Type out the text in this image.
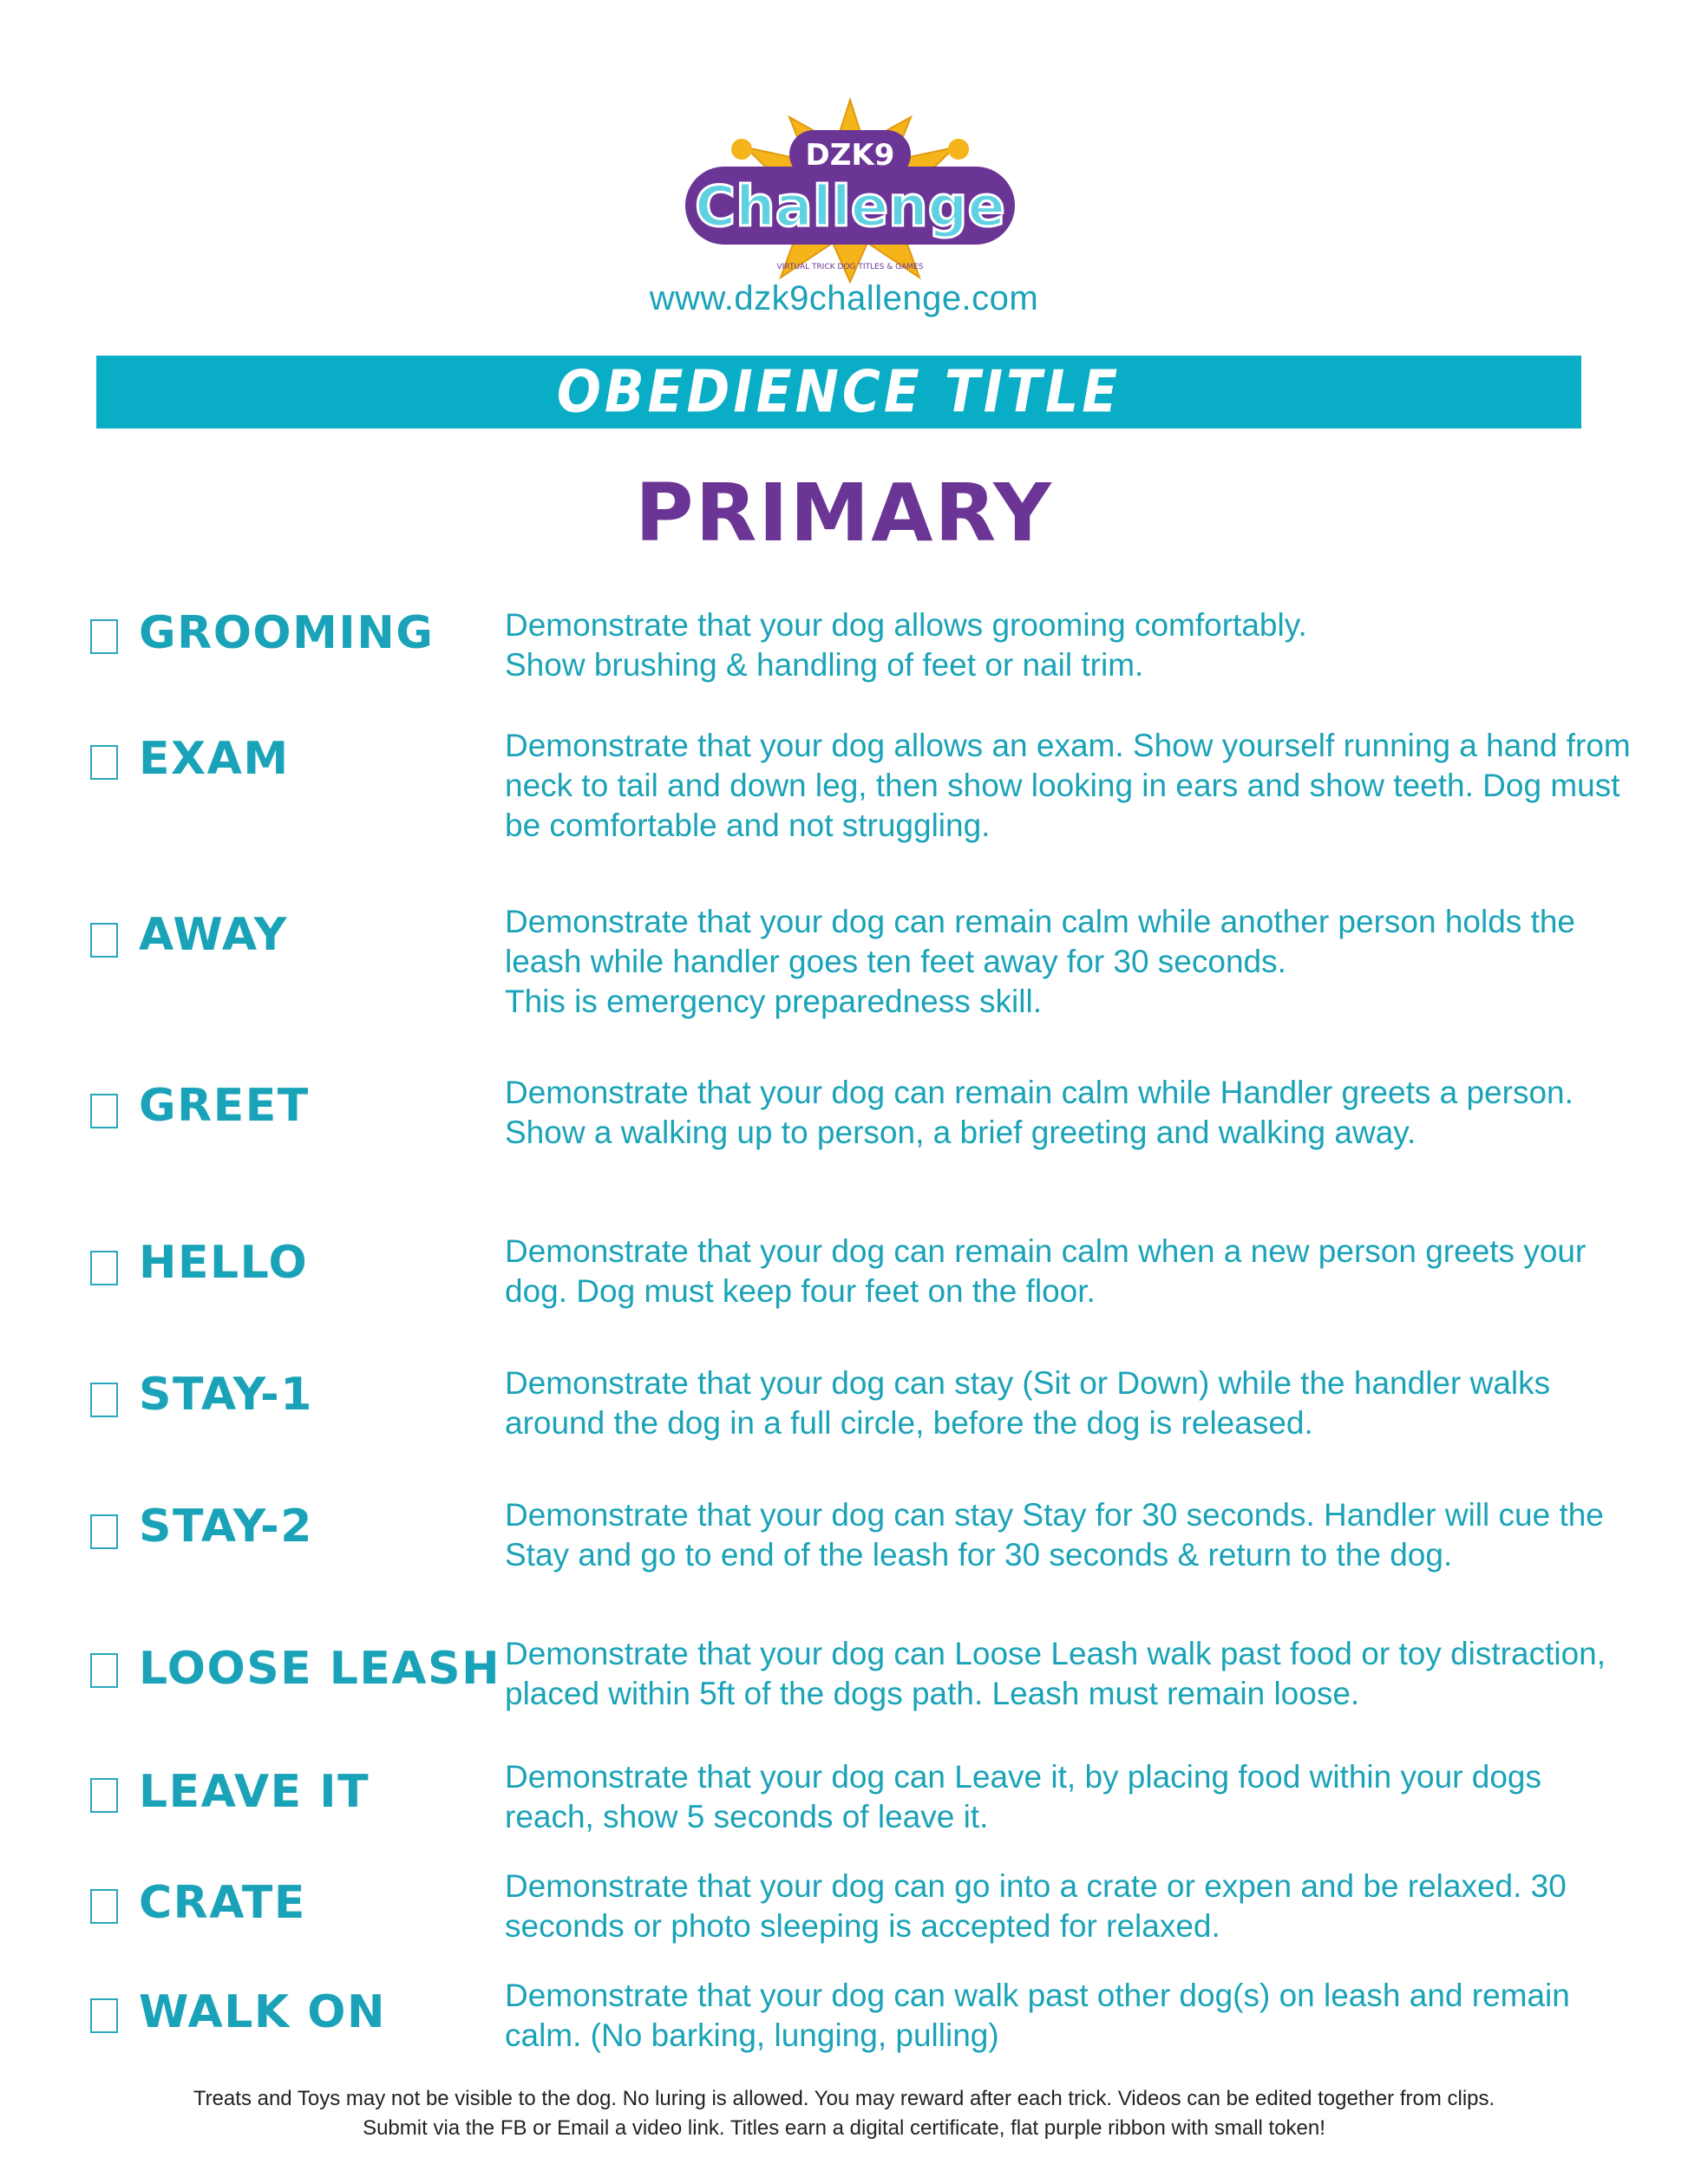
DZK9
Challenge
VIRTUAL TRICK DOG TITLES & GAMES
www.dzk9challenge.com
OBEDIENCE TITLE
PRIMARY
GROOMING Demonstrate that your dog allows grooming comfortably.
Show brushing & handling of feet or nail trim.
EXAM	Demonstrate that your dog allows an exam. Show yourself running a hand from neck to tail and down leg, then show looking in ears and show teeth. Dog must be comfortable and not struggling.
AWAY	Demonstrate that your dog can remain calm while another person holds the leash while handler goes ten feet away for 30 seconds.
This is emergency preparedness skill.
GREET	Demonstrate that your dog can remain calm while Handler greets a person. Show a walking up to person, a brief greeting and walking away.
HELLO	Demonstrate that your dog can remain calm when a new person greets your dog. Dog must keep four feet on the floor.
STAY-1	Demonstrate that your dog can stay (Sit or Down) while the handler walks around the dog in a full circle, before the dog is released.
STAY-2	Demonstrate that your dog can stay Stay for 30 seconds. Handler will cue the Stay and go to end of the leash for 30 seconds & return to the dog.
LOOSE LEASH Demonstrate that your dog can Loose Leash walk past food or toy distraction, placed within 5ft of the dogs path. Leash must remain loose.
LEAVE IT	Demonstrate that your dog can Leave it, by placing food within your dogs reach, show 5 seconds of leave it.
CRATE	Demonstrate that your dog can go into a crate or expen and be relaxed. 30 seconds or photo sleeping is accepted for relaxed.
WALK ON	Demonstrate that your dog can walk past other dog(s) on leash and remain calm. (No barking, lunging, pulling)
Treats and Toys may not be visible to the dog. No luring is allowed. You may reward after each trick. Videos can be edited together from clips.
Submit via the FB or Email a video link. Titles earn a digital certificate, flat purple ribbon with small token!
